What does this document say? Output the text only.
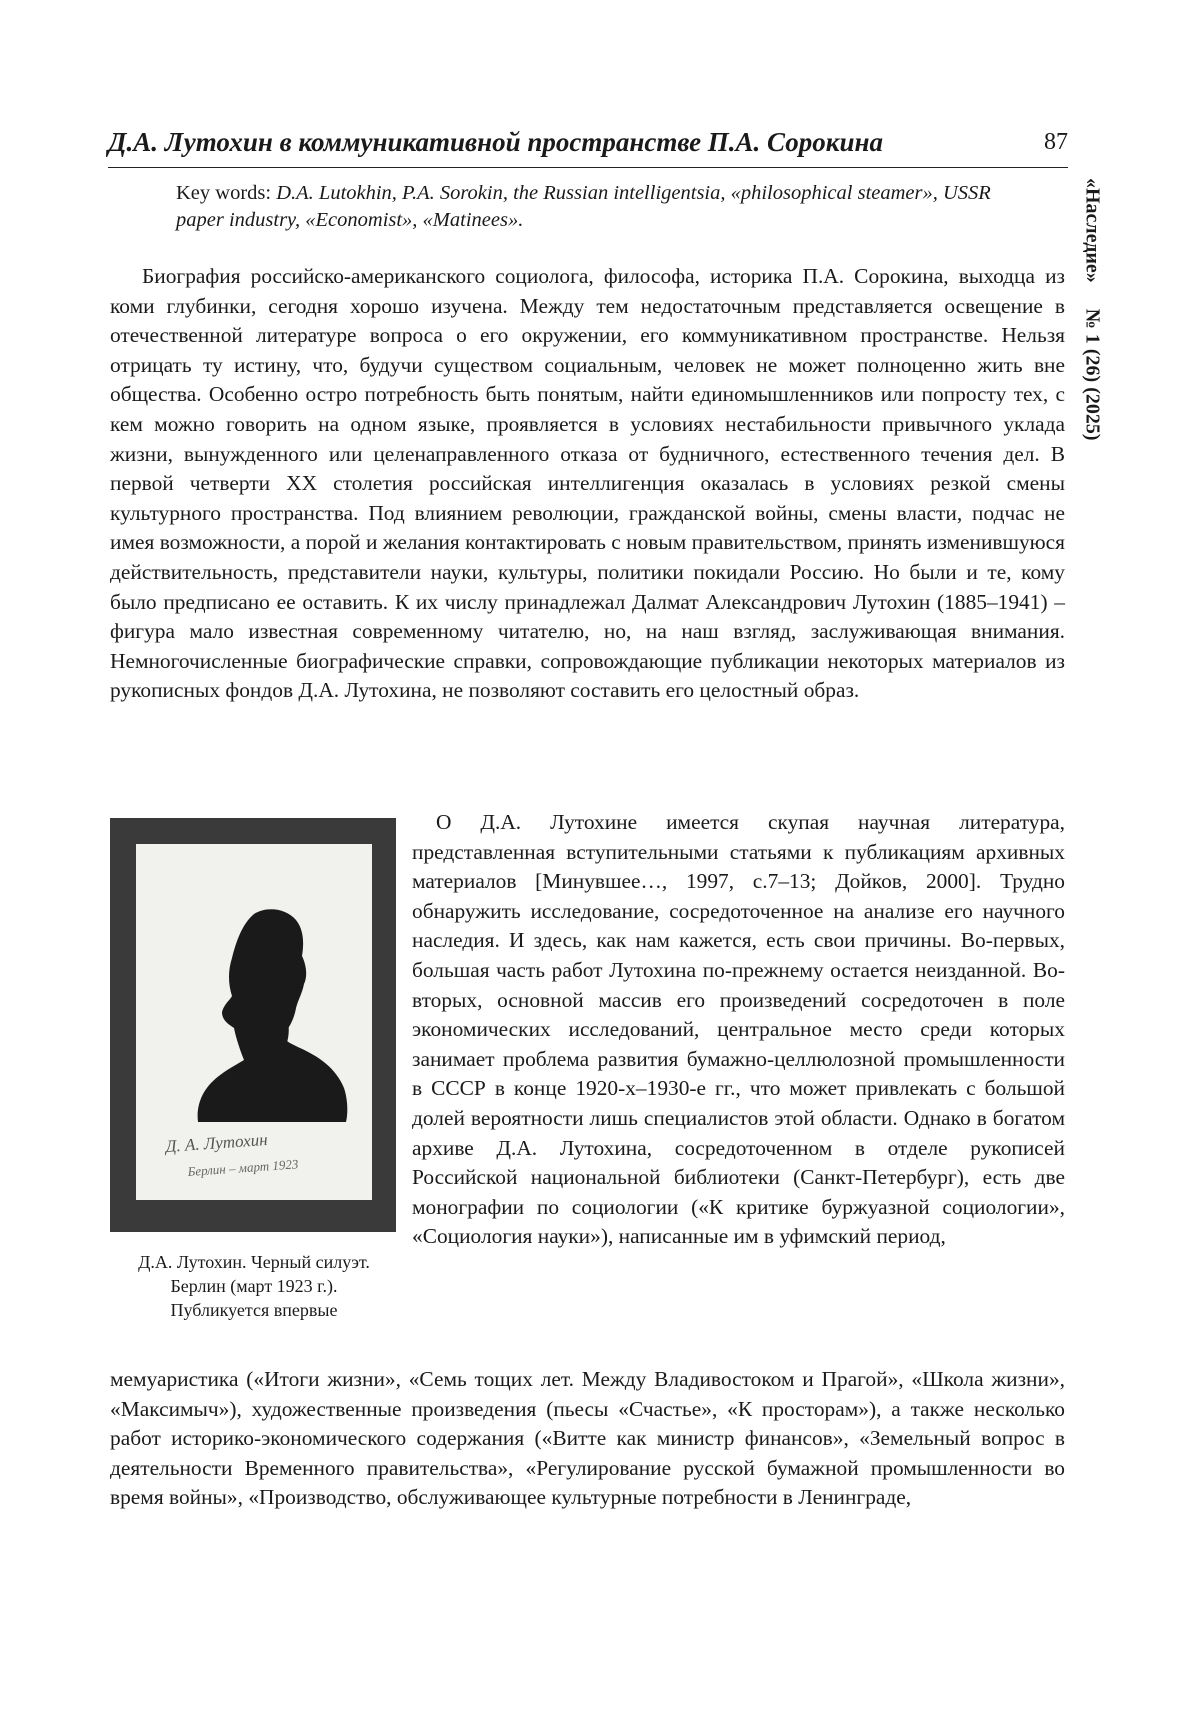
Д.А. Лутохин в коммуникативной пространстве П.А. Сорокина	87
«Наследие»№ 1 (26) (2025)
Key words: D.A. Lutokhin, P.A. Sorokin, the Russian intelligentsia, «philosophical steamer», USSR paper industry, «Economist», «Matinees».
Биография российско-американского социолога, философа, историка П.А. Сорокина, выходца из коми глубинки, сегодня хорошо изучена. Между тем недостаточным представляется освещение в отечественной литературе вопроса о его окружении, его коммуникативном пространстве. Нельзя отрицать ту истину, что, будучи существом социальным, человек не может полноценно жить вне общества. Особенно остро потребность быть понятым, найти единомышленников или попросту тех, с кем можно говорить на одном языке, проявляется в условиях нестабильности привычного уклада жизни, вынужденного или целенаправленного отказа от будничного, естественного течения дел. В первой четверти XX столетия российская интеллигенция оказалась в условиях резкой смены культурного пространства. Под влиянием революции, гражданской войны, смены власти, подчас не имея возможности, а порой и желания контактировать с новым правительством, принять изменившуюся действительность, представители науки, культуры, политики покидали Россию. Но были и те, кому было предписано ее оставить. К их числу принадлежал Далмат Александрович Лутохин (1885–1941) – фигура мало известная современному читателю, но, на наш взгляд, заслуживающая внимания. Немногочисленные биографические справки, сопровождающие публикации некоторых материалов из рукописных фондов Д.А. Лутохина, не позволяют составить его целостный образ.
Д. А. Лутохин
Берлин – март 1923
Д.А. Лутохин. Черный силуэт.
Берлин (март 1923 г.).
Публикуется впервые
О Д.А. Лутохине имеется скупая научная литература, представленная вступительными статьями к публикациям архивных материалов [Минувшее…, 1997, с.7–13; Дойков, 2000]. Трудно обнаружить исследование, сосредоточенное на анализе его научного наследия. И здесь, как нам кажется, есть свои причины. Во-первых, большая часть работ Лутохина по-прежнему остается неизданной. Во-вторых, основной массив его произведений сосредоточен в поле экономических исследований, центральное место среди которых занимает проблема развития бумажно-целлюлозной промышленности в СССР в конце 1920-х–1930-е гг., что может привлекать с большой долей вероятности лишь специалистов этой области. Однако в богатом архиве Д.А. Лутохина, сосредоточенном в отделе рукописей Российской национальной библиотеки (Санкт-Петербург), есть две монографии по социологии («К критике буржуазной социологии», «Социология науки»), написанные им в уфимский период,
мемуаристика («Итоги жизни», «Семь тощих лет. Между Владивостоком и Прагой», «Школа жизни», «Максимыч»), художественные произведения (пьесы «Счастье», «К просторам»), а также несколько работ историко-экономического содержания («Витте как министр финансов», «Земельный вопрос в деятельности Временного правительства», «Регулирование русской бумажной промышленности во время войны», «Производство, обслуживающее культурные потребности в Ленинграде,
